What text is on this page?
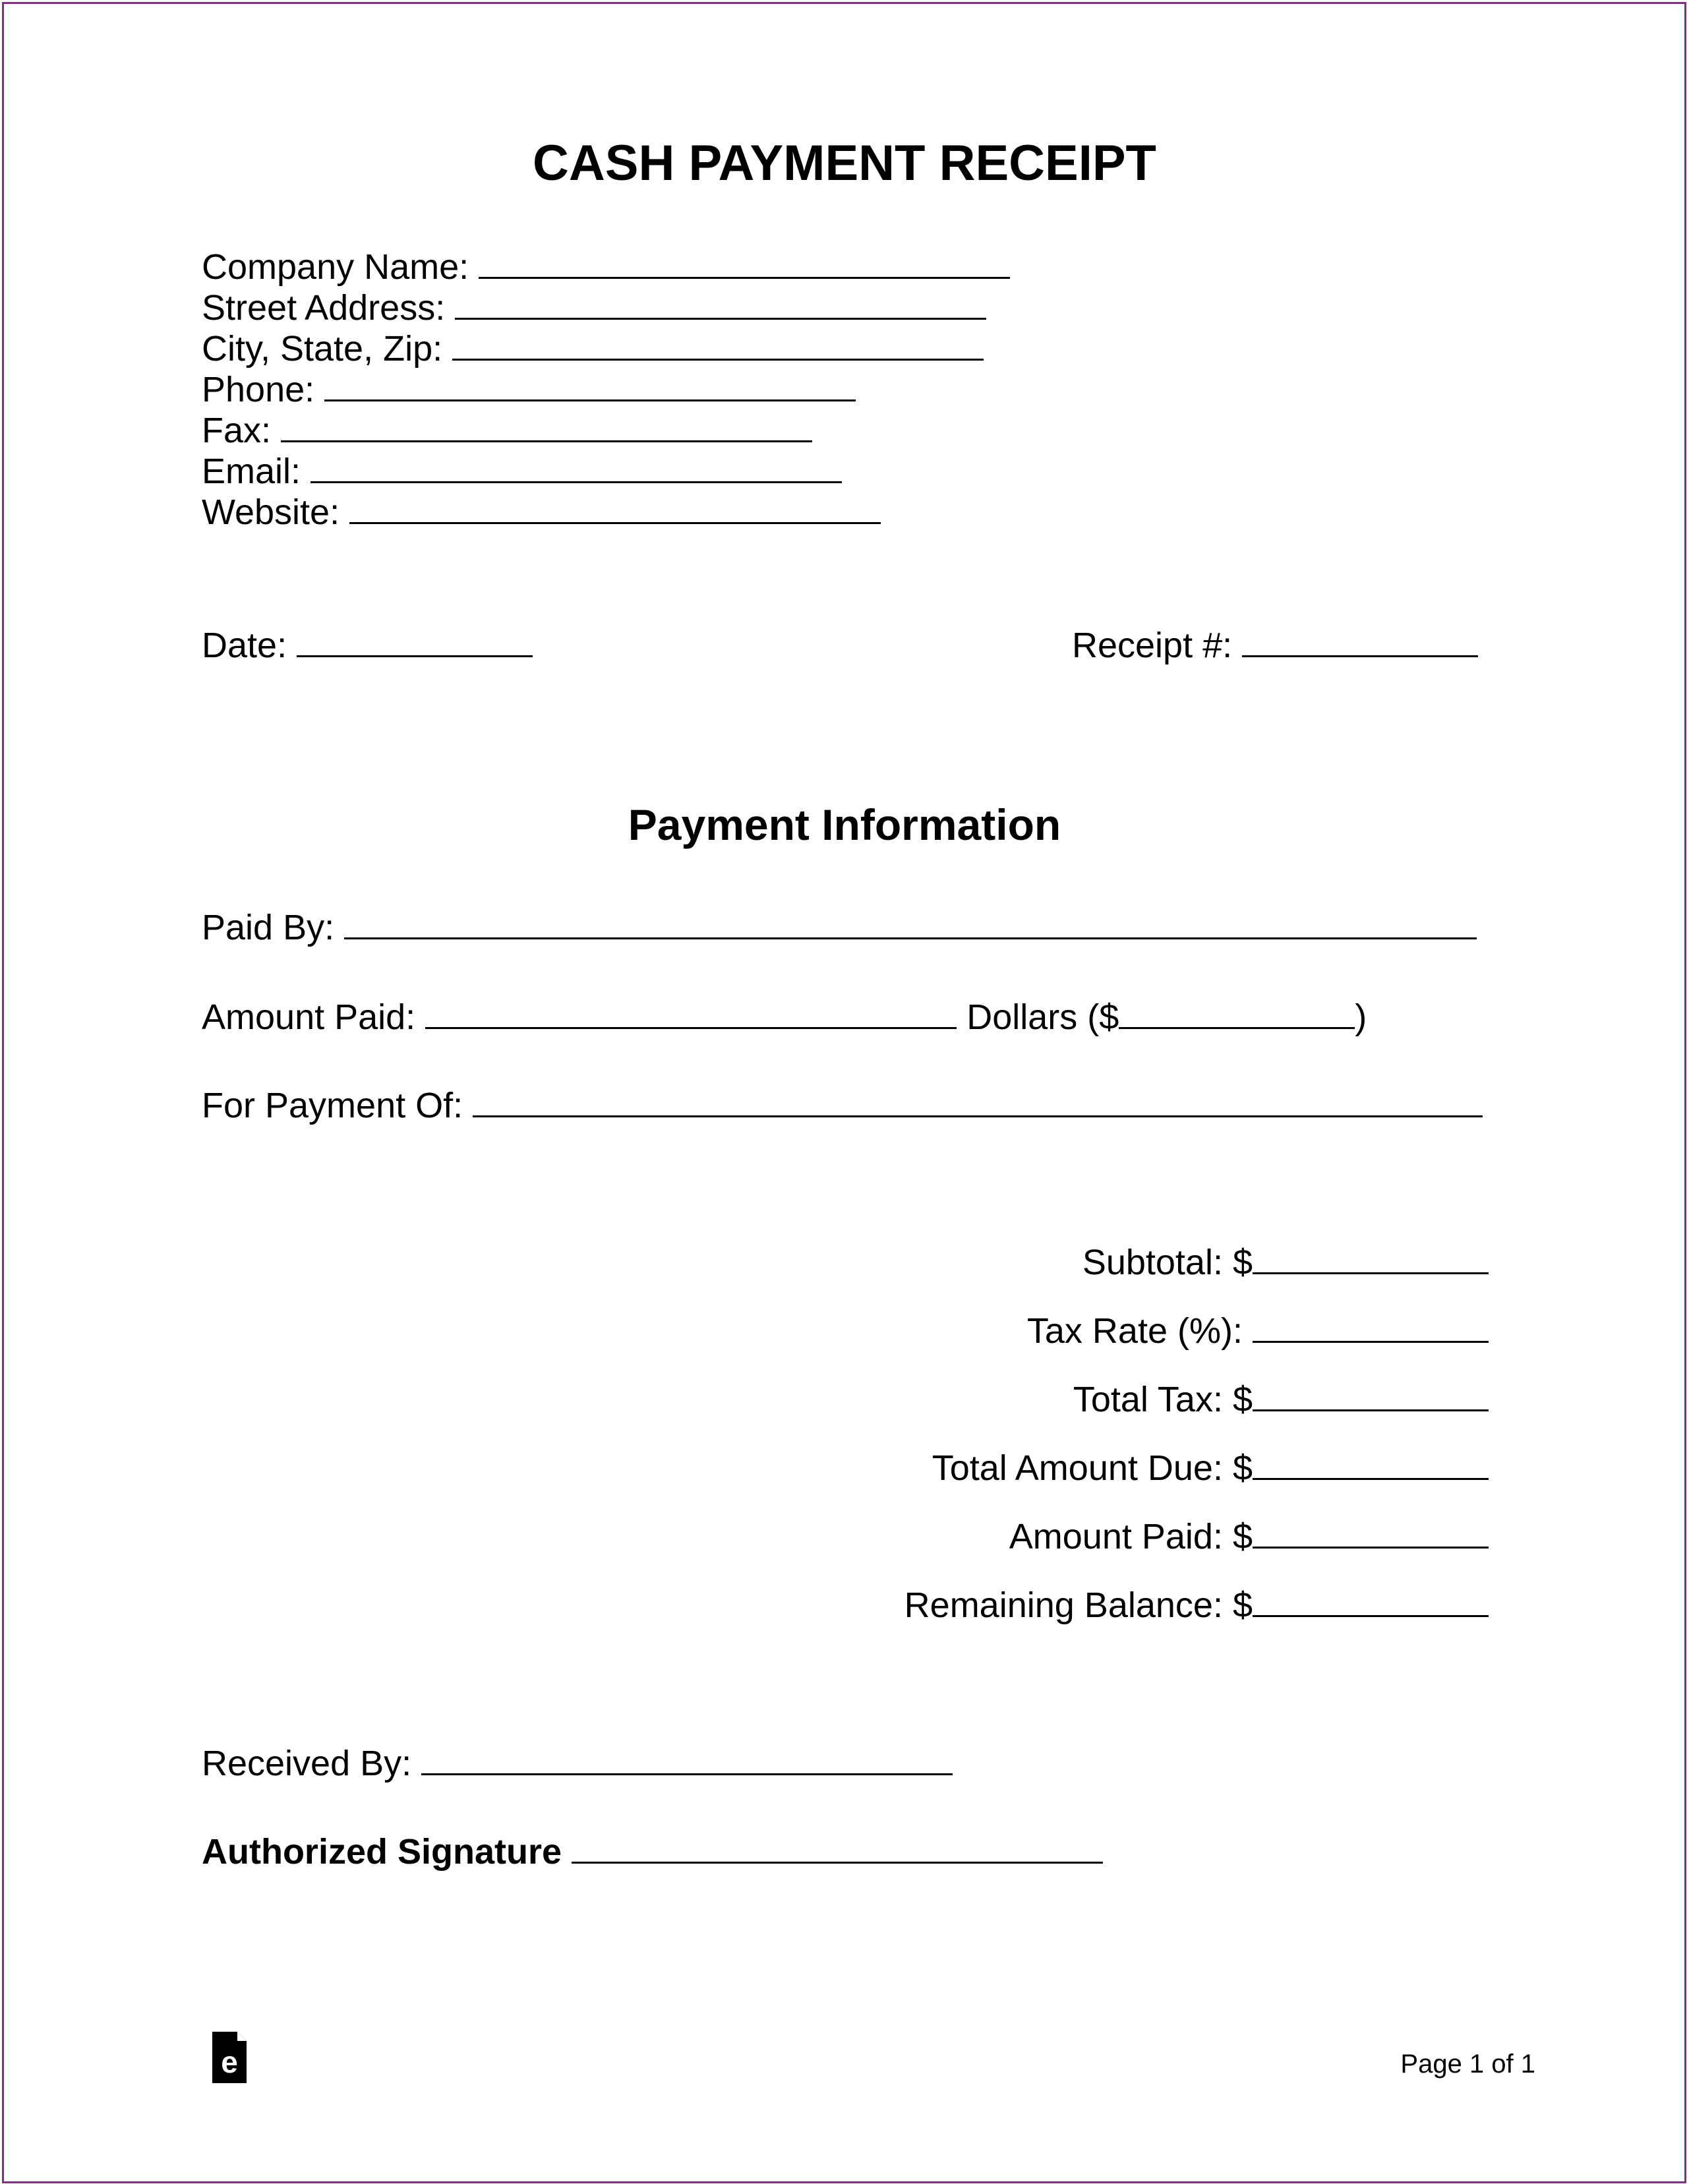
CASH PAYMENT RECEIPT
Company Name:
Street Address:
City, State, Zip:
Phone:
Fax:
Email:
Website:
Date:	Receipt #:
Payment Information
Paid By:
Amount Paid:	Dollars ($	)
For Payment Of:
Subtotal: $
Tax Rate (%):
Total Tax: $
Total Amount Due: $
Amount Paid: $
Remaining Balance: $
Received By:
Authorized Signature
e	Page 1 of 1
